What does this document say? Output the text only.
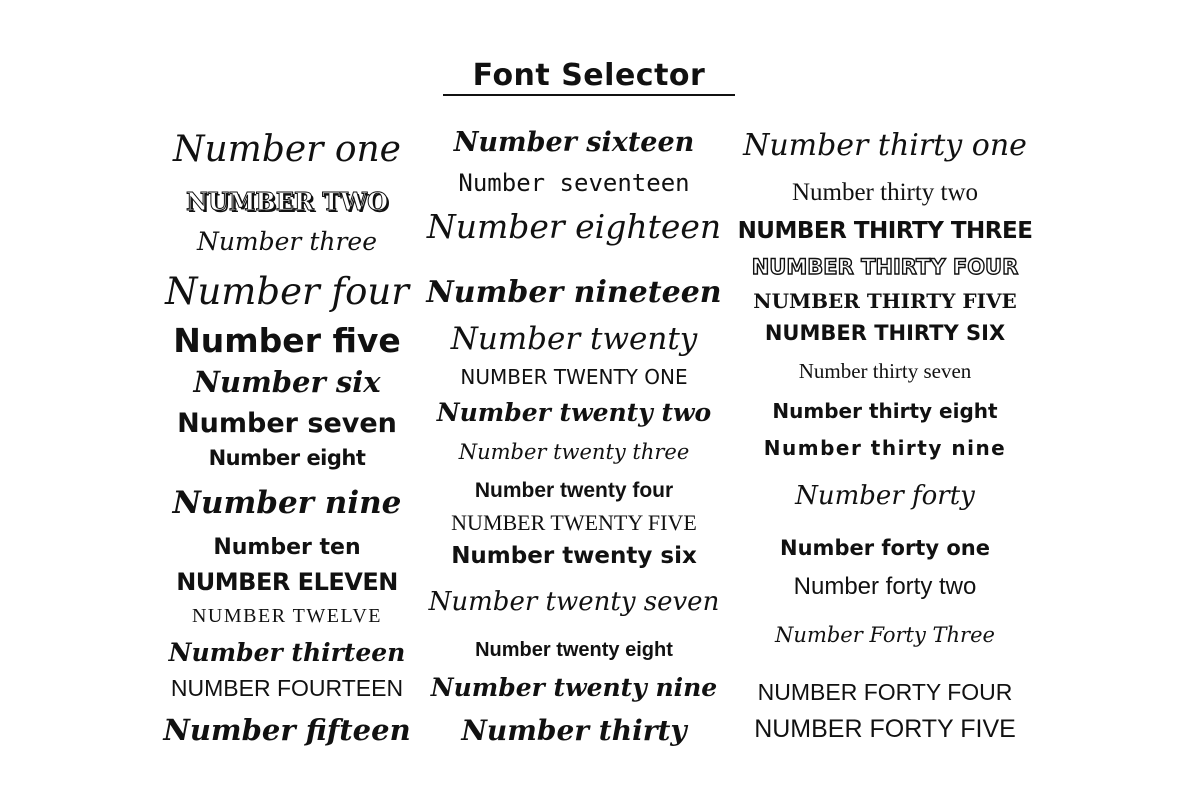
Font Selector
Number one
NUMBER TWO
Number three
Number four
Number five
Number six
Number seven
Number eight
Number nine
Number ten
NUMBER ELEVEN
NUMBER TWELVE
Number thirteen
NUMBER FOURTEEN
Number fifteen
Number sixteen
Number seventeen
Number eighteen
Number nineteen
Number twenty
NUMBER TWENTY ONE
Number twenty two
Number twenty three
Number twenty four
NUMBER TWENTY FIVE
Number twenty six
Number twenty seven
Number twenty eight
Number twenty nine
Number thirty
Number thirty one
Number thirty two
NUMBER THIRTY THREE
NUMBER THIRTY FOUR
NUMBER THIRTY FIVE
NUMBER THIRTY SIX
Number thirty seven
Number thirty eight
Number thirty nine
Number forty
Number forty one
Number forty two
Number Forty Three
NUMBER FORTY FOUR
NUMBER FORTY FIVE
